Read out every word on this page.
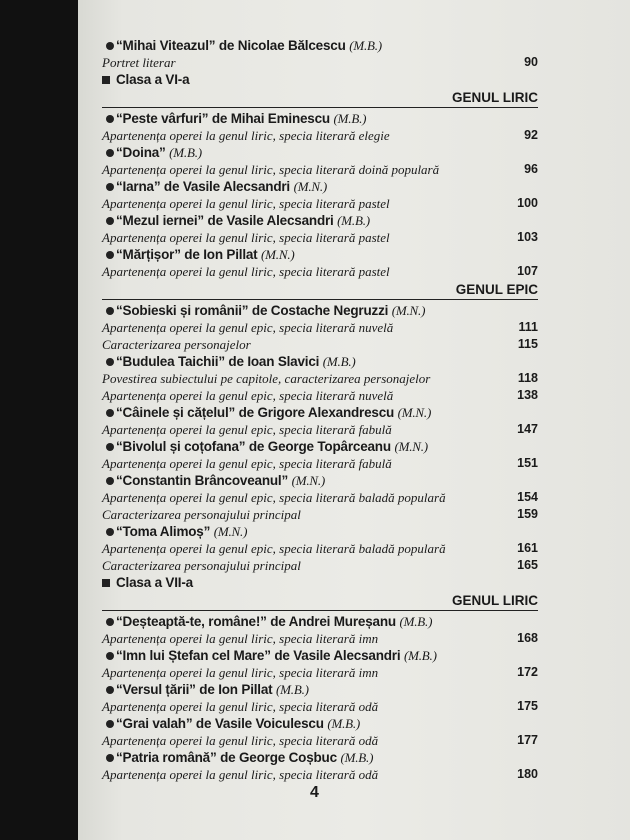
“Mihai Viteazul” de Nicolae Bălcescu (M.B.)
Portret literar	90
Clasa a VI-a
GENUL LIRIC
“Peste vârfuri” de Mihai Eminescu (M.B.)
Apartenența operei la genul liric, specia literară elegie	92
“Doina” (M.B.)
Apartenența operei la genul liric, specia literară doină populară	96
“Iarna” de Vasile Alecsandri (M.N.)
Apartenența operei la genul liric, specia literară pastel	100
“Mezul iernei” de Vasile Alecsandri (M.B.)
Apartenența operei la genul liric, specia literară pastel	103
“Mărțișor” de Ion Pillat (M.N.)
Apartenența operei la genul liric, specia literară pastel	107
GENUL EPIC
“Sobieski și românii” de Costache Negruzzi (M.N.)
Apartenența operei la genul epic, specia literară nuvelă	111
Caracterizarea personajelor	115
“Budulea Taichii” de Ioan Slavici (M.B.)
Povestirea subiectului pe capitole, caracterizarea personajelor	118
Apartenența operei la genul epic, specia literară nuvelă	138
“Câinele și cățelul” de Grigore Alexandrescu (M.N.)
Apartenența operei la genul epic, specia literară fabulă	147
“Bivolul și coțofana” de George Topârceanu (M.N.)
Apartenența operei la genul epic, specia literară fabulă	151
“Constantin Brâncoveanul” (M.N.)
Apartenența operei la genul epic, specia literară baladă populară	154
Caracterizarea personajului principal	159
“Toma Alimoș” (M.N.)
Apartenența operei la genul epic, specia literară baladă populară	161
Caracterizarea personajului principal	165
Clasa a VII-a
GENUL LIRIC
“Deșteaptă-te, române!” de Andrei Mureșanu (M.B.)
Apartenența operei la genul liric, specia literară imn	168
“Imn lui Ștefan cel Mare” de Vasile Alecsandri (M.B.)
Apartenența operei la genul liric, specia literară imn	172
“Versul țării” de Ion Pillat (M.B.)
Apartenența operei la genul liric, specia literară odă	175
“Grai valah” de Vasile Voiculescu (M.B.)
Apartenența operei la genul liric, specia literară odă	177
“Patria română” de George Coșbuc (M.B.)
Apartenența operei la genul liric, specia literară odă	180
4
